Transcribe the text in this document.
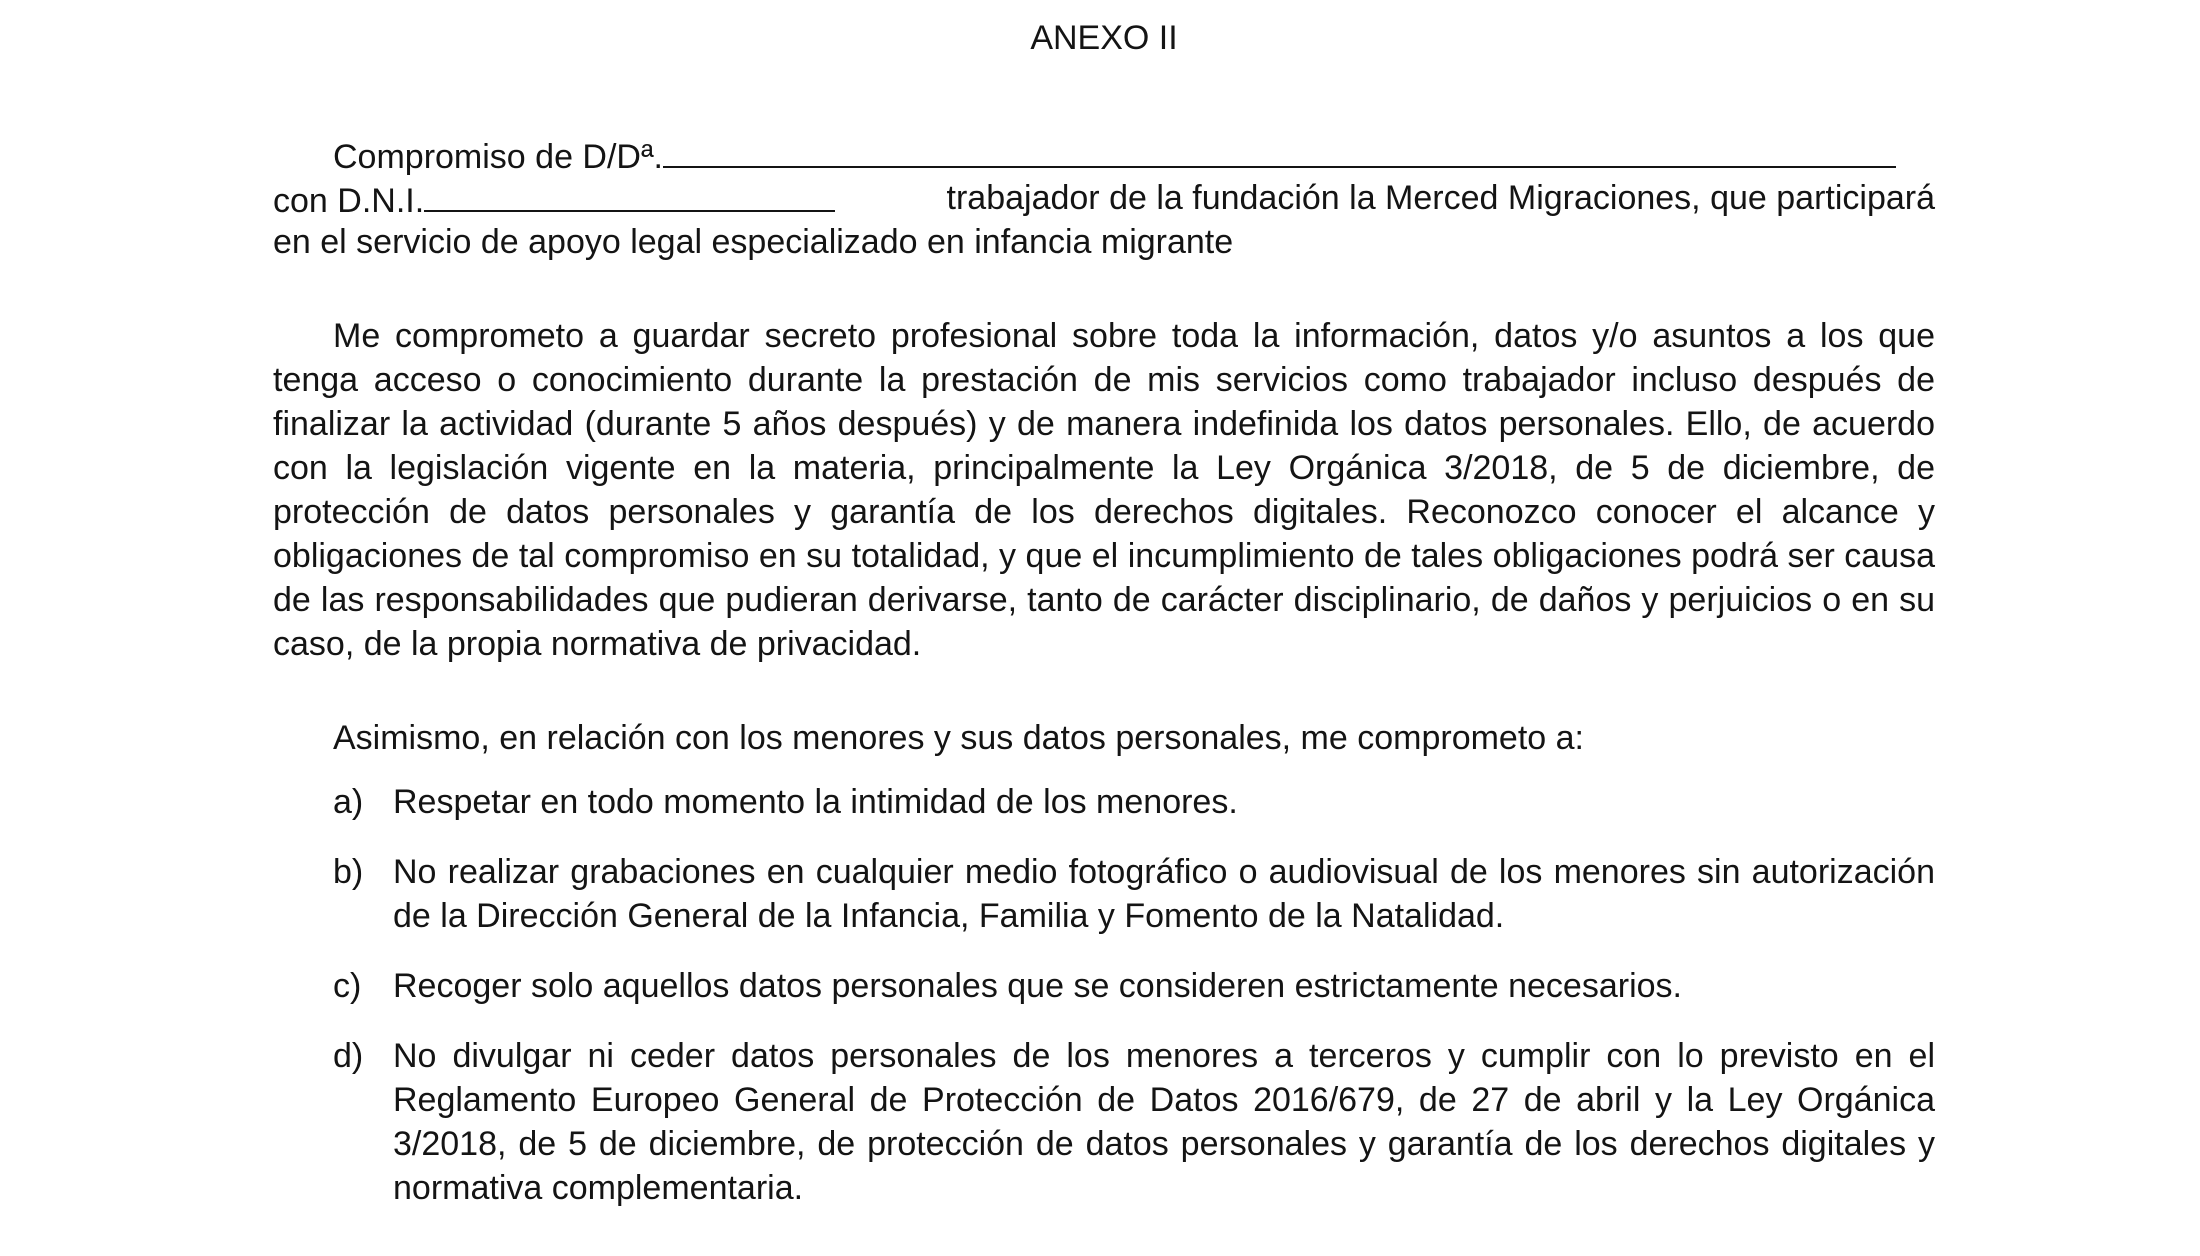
ANEXO II
Compromiso de D/Dª.
con D.N.I.	trabajador de la fundación la Merced Migraciones, que participará
en el servicio de apoyo legal especializado en infancia migrante

Me comprometo a guardar secreto profesional sobre toda la información, datos y/o asuntos a los que tenga acceso o conocimiento durante la prestación de mis servicios como trabajador incluso después de finalizar la actividad (durante 5 años después) y de manera indefinida los datos personales. Ello, de acuerdo con la legislación vigente en la materia, principalmente la Ley Orgánica 3/2018, de 5 de diciembre, de protección de datos personales y garantía de los derechos digitales. Reconozco conocer el alcance y obligaciones de tal compromiso en su totalidad, y que el incumplimiento de tales obligaciones podrá ser causa de las responsabilidades que pudieran derivarse, tanto de carácter disciplinario, de daños y perjuicios o en su caso, de la propia normativa de privacidad.

Asimismo, en relación con los menores y sus datos personales, me comprometo a:

a) Respetar en todo momento la intimidad de los menores.
b) No realizar grabaciones en cualquier medio fotográfico o audiovisual de los menores sin autorización de la Dirección General de la Infancia, Familia y Fomento de la Natalidad.
c) Recoger solo aquellos datos personales que se consideren estrictamente necesarios.
d) No divulgar ni ceder datos personales de los menores a terceros y cumplir con lo previsto en el Reglamento Europeo General de Protección de Datos 2016/679, de 27 de abril y la Ley Orgánica 3/2018, de 5 de diciembre, de protección de datos personales y garantía de los derechos digitales y normativa complementaria.
